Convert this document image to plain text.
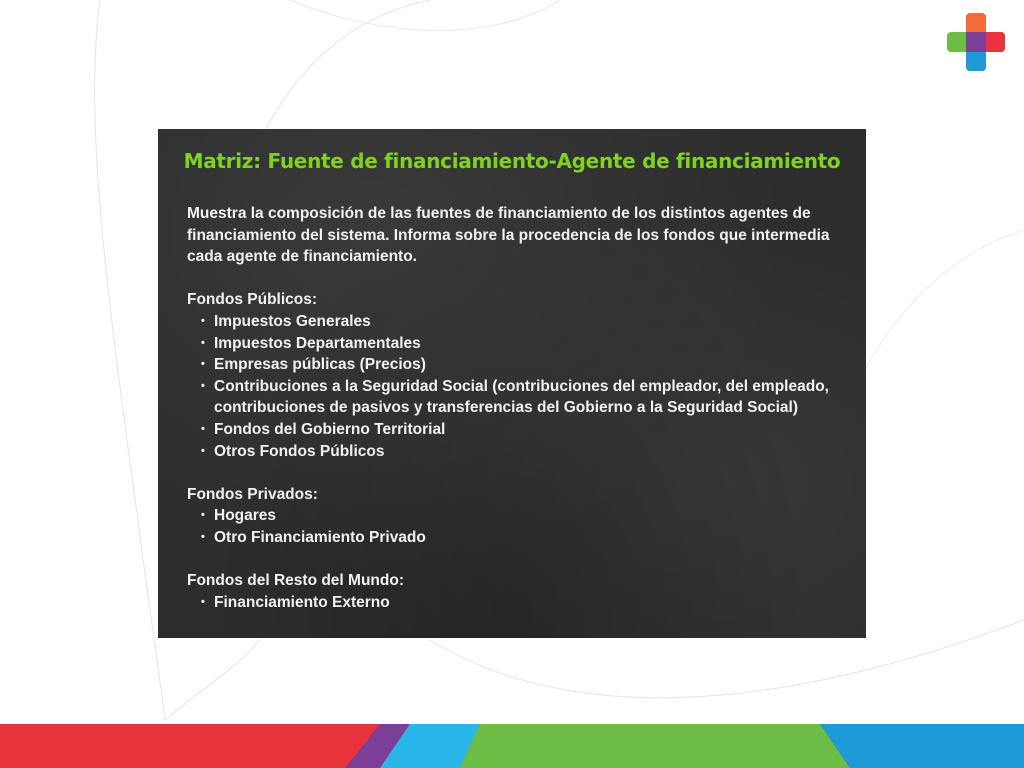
Matriz: Fuente de financiamiento-Agente de financiamiento

Muestra la composición de las fuentes de financiamiento de los distintos agentes de financiamiento del sistema. Informa sobre la procedencia de los fondos que intermedia cada agente de financiamiento.

Fondos Públicos:

• Impuestos Generales
• Impuestos Departamentales
• Empresas públicas (Precios)
• Contribuciones a la Seguridad Social (contribuciones del empleador, del empleado, contribuciones de pasivos y transferencias del Gobierno a la Seguridad Social)
• Fondos del Gobierno Territorial
• Otros Fondos Públicos

Fondos Privados:

• Hogares
• Otro Financiamiento Privado

Fondos del Resto del Mundo:

• Financiamiento Externo
